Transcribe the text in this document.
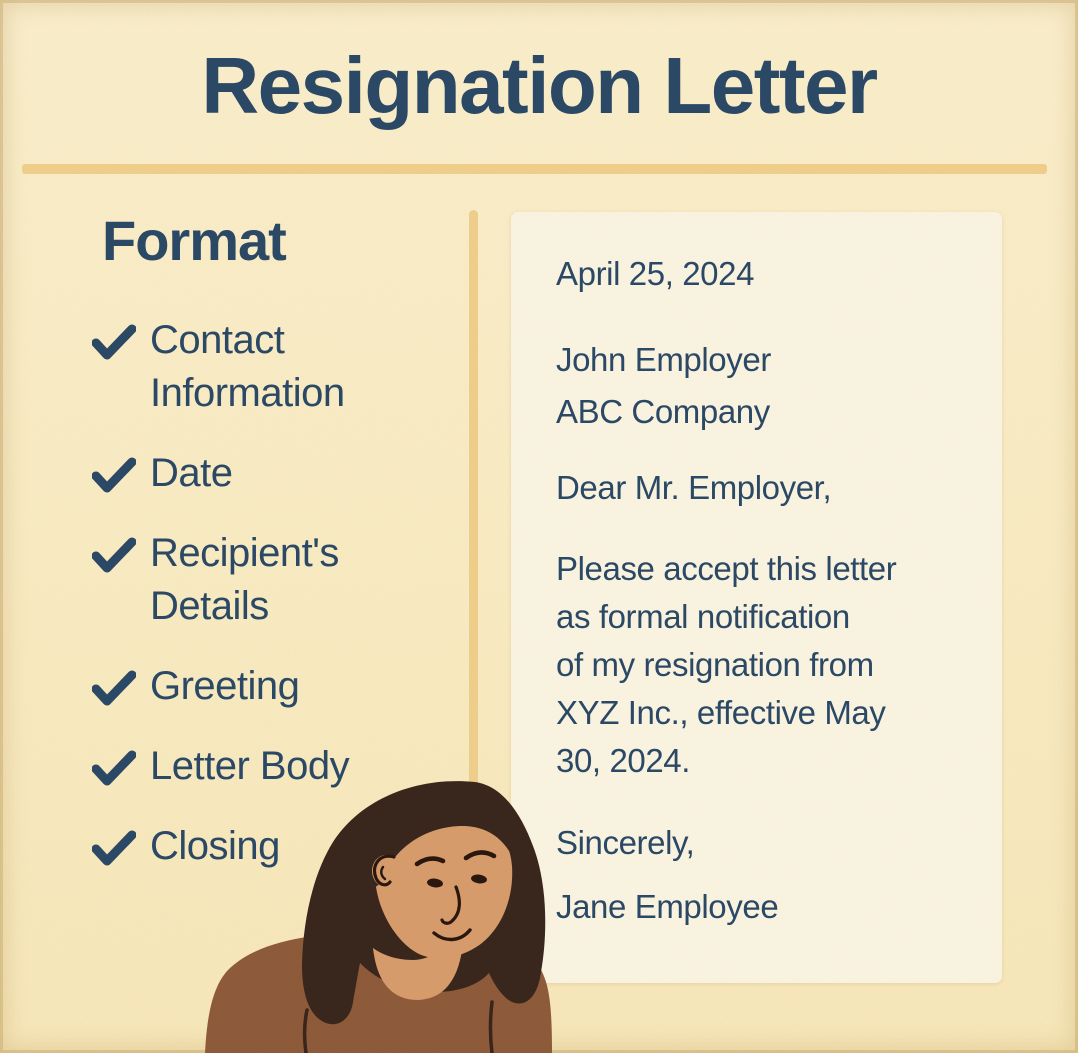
Resignation Letter
Format
Contact Information
Date
Recipient's Details
Greeting
Letter Body
Closing

April 25, 2024

John Employer
ABC Company

Dear Mr. Employer,

Please accept this letter
as formal notification
of my resignation from
XYZ Inc., effective May
30, 2024.

Sincerely,

Jane Employee
